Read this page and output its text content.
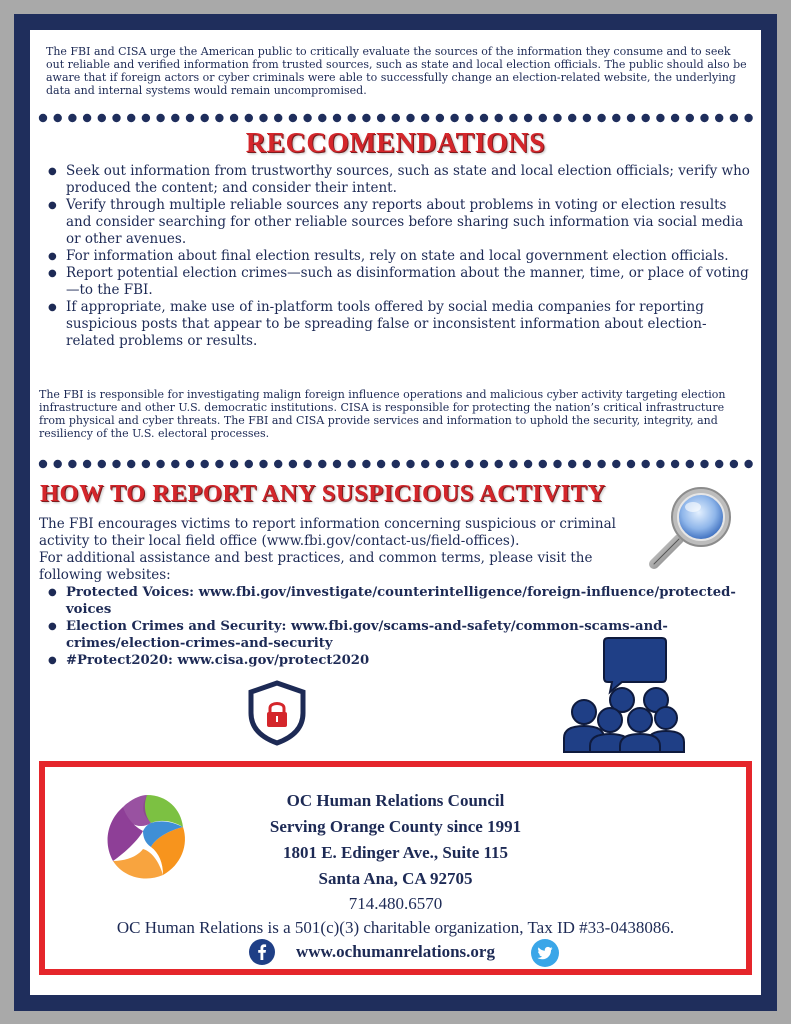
The FBI and CISA urge the American public to critically evaluate the sources of the information they consume and to seek out reliable and verified information from trusted sources, such as state and local election officials. The public should also be aware that if foreign actors or cyber criminals were able to successfully change an election-related website, the underlying data and internal systems would remain uncompromised.

RECCOMENDATIONS
● Seek out information from trustworthy sources, such as state and local election officials; verify who produced the content; and consider their intent.
● Verify through multiple reliable sources any reports about problems in voting or election results and consider searching for other reliable sources before sharing such information via social media or other avenues.
● For information about final election results, rely on state and local government election officials.
● Report potential election crimes—such as disinformation about the manner, time, or place of voting—to the FBI.
● If appropriate, make use of in-platform tools offered by social media companies for reporting suspicious posts that appear to be spreading false or inconsistent information about election-related problems or results.

The FBI is responsible for investigating malign foreign influence operations and malicious cyber activity targeting election infrastructure and other U.S. democratic institutions. CISA is responsible for protecting the nation’s critical infrastructure from physical and cyber threats. The FBI and CISA provide services and information to uphold the security, integrity, and resiliency of the U.S. electoral processes.

HOW TO REPORT ANY SUSPICIOUS ACTIVITY

The FBI encourages victims to report information concerning suspicious or criminal activity to their local field office (www.fbi.gov/contact-us/field-offices).

For additional assistance and best practices, and common terms, please visit the following websites:

● Protected Voices: www.fbi.gov/investigate/counterintelligence/foreign-influence/protected-voices
● Election Crimes and Security: www.fbi.gov/scams-and-safety/common-scams-and-crimes/election-crimes-and-security
● #Protect2020: www.cisa.gov/protect2020
OC Human Relations Council
Serving Orange County since 1991
1801 E. Edinger Ave., Suite 115
Santa Ana, CA 92705
714.480.6570
OC Human Relations is a 501(c)(3) charitable organization, Tax ID #33-0438086.
www.ochumanrelations.org
